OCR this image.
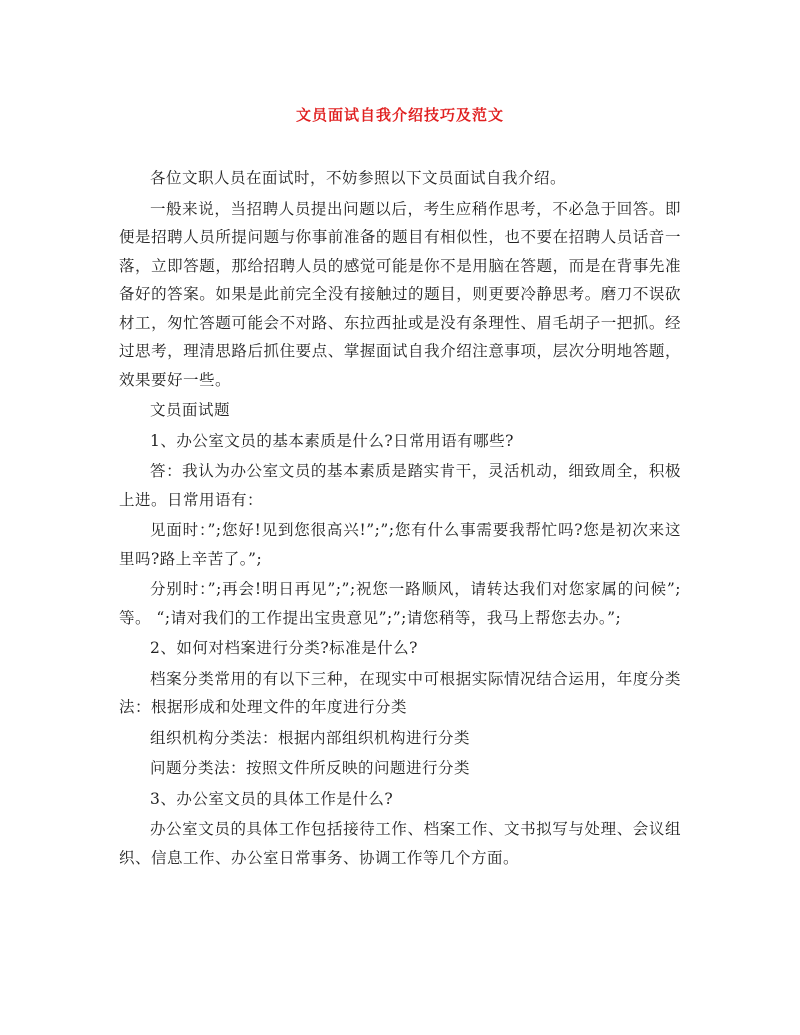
文员面试自我介绍技巧及范文

各位文职人员在面试时，不妨参照以下文员面试自我介绍。

一般来说，当招聘人员提出问题以后，考生应稍作思考，不必急于回答。即便是招聘人员所提问题与你事前准备的题目有相似性，也不要在招聘人员话音一落，立即答题，那给招聘人员的感觉可能是你不是用脑在答题，而是在背事先准备好的答案。如果是此前完全没有接触过的题目，则更要冷静思考。磨刀不误砍材工，匆忙答题可能会不对路、东拉西扯或是没有条理性、眉毛胡子一把抓。经过思考，理清思路后抓住要点、掌握面试自我介绍注意事项，层次分明地答题，效果要好一些。

文员面试题

1、办公室文员的基本素质是什么?日常用语有哪些?

答：我认为办公室文员的基本素质是踏实肯干，灵活机动，细致周全，积极上进。日常用语有：

见面时：”;您好!见到您很高兴!”;”;您有什么事需要我帮忙吗?您是初次来这里吗?路上辛苦了。”;

分别时：”;再会!明日再见”;”;祝您一路顺风，请转达我们对您家属的问候”;等。 “;请对我们的工作提出宝贵意见”;”;请您稍等，我马上帮您去办。”;

2、如何对档案进行分类?标准是什么?

档案分类常用的有以下三种，在现实中可根据实际情况结合运用，年度分类法：根据形成和处理文件的年度进行分类

组织机构分类法：根据内部组织机构进行分类

问题分类法：按照文件所反映的问题进行分类

3、办公室文员的具体工作是什么?

办公室文员的具体工作包括接待工作、档案工作、文书拟写与处理、会议组织、信息工作、办公室日常事务、协调工作等几个方面。
